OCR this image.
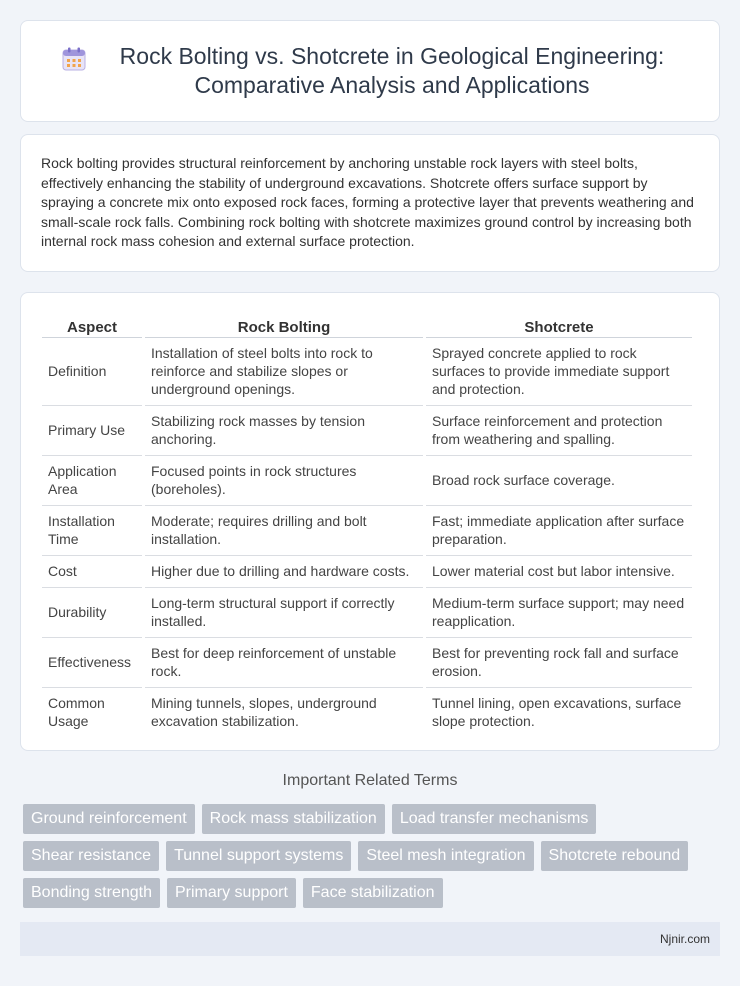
Rock Bolting vs. Shotcrete in Geological Engineering: Comparative Analysis and Applications

Rock bolting provides structural reinforcement by anchoring unstable rock layers with steel bolts, effectively enhancing the stability of underground excavations. Shotcrete offers surface support by spraying a concrete mix onto exposed rock faces, forming a protective layer that prevents weathering and small-scale rock falls. Combining rock bolting with shotcrete maximizes ground control by increasing both internal rock mass cohesion and external surface protection.

Aspect	Rock Bolting	Shotcrete
Definition	Installation of steel bolts into rock to reinforce and stabilize slopes or underground openings.	Sprayed concrete applied to rock surfaces to provide immediate support and protection.
Primary Use	Stabilizing rock masses by tension anchoring.	Surface reinforcement and protection from weathering and spalling.
Application Area	Focused points in rock structures (boreholes).	Broad rock surface coverage.
Installation Time	Moderate; requires drilling and bolt installation.	Fast; immediate application after surface preparation.
Cost	Higher due to drilling and hardware costs.	Lower material cost but labor intensive.
Durability	Long-term structural support if correctly installed.	Medium-term surface support; may need reapplication.
Effectiveness	Best for deep reinforcement of unstable rock.	Best for preventing rock fall and surface erosion.
Common Usage	Mining tunnels, slopes, underground excavation stabilization.	Tunnel lining, open excavations, surface slope protection.
Important Related Terms
Ground reinforcement	Rock mass stabilization	Load transfer mechanisms
Shear resistance	Tunnel support systems	Steel mesh integration	Shotcrete rebound
Bonding strength	Primary support	Face stabilization
Njnir.com
